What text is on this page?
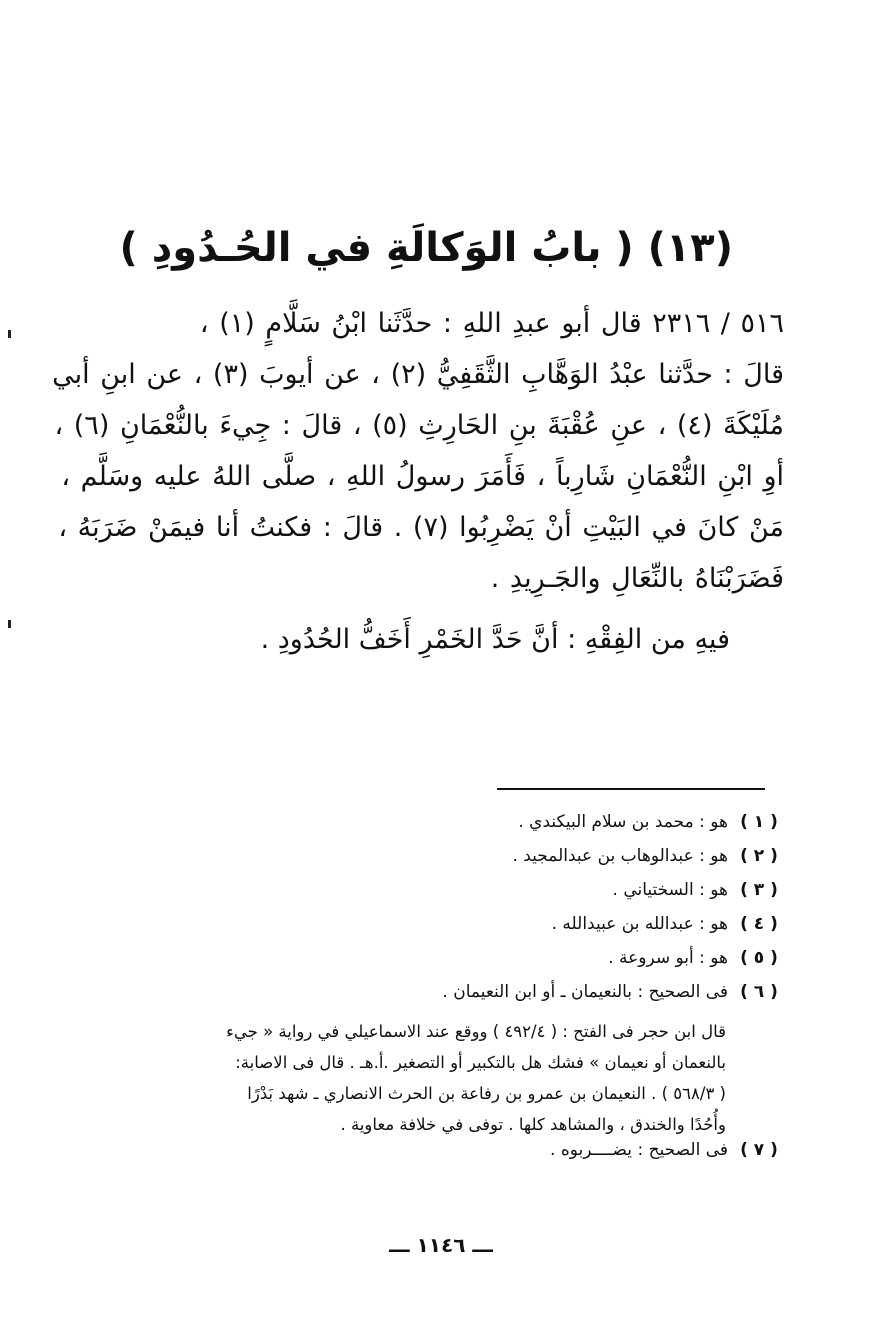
(١٣) ( بابُ الوَكالَةِ في الحُـدُودِ )
٥١٦ / ٢٣١٦ قال أبو عبدِ اللهِ : حدَّثَنا ابْنُ سَلَّامٍ (١) ،
قالَ : حدَّثنا عبْدُ الوَهَّابِ الثَّقَفِيُّ (٢) ، عن أيوبَ (٣) ، عن ابنِ أبي
مُلَيْكَةَ (٤) ، عنِ عُقْبَةَ بنِ الحَارِثِ (٥) ، قالَ : جِيءَ بالنُّعْمَانِ (٦) ،
أوِ ابْنِ النُّعْمَانِ شَارِباً ، فَأَمَرَ رسولُ اللهِ ، صلَّى اللهُ عليه وسَلَّم ،
مَنْ كانَ في البَيْتِ أنْ يَضْرِبُوا (٧) . قالَ : فكنتُ أنا فيمَنْ ضَرَبَهُ ،
فَضَرَبْنَاهُ بالنِّعَالِ والجَـرِيدِ .
فيهِ من الفِقْهِ : أنَّ حَدَّ الخَمْرِ أَخَفُّ الحُدُودِ .
( ١ )
هو : محمد بن سلام البيكندي .
( ٢ )
هو : عبدالوهاب بن عبدالمجيد .
( ٣ )
هو : السختياني .
( ٤ )
هو : عبدالله بن عبيدالله .
( ٥ )
هو : أبو سروعة .
( ٦ )
فى الصحيح : بالنعيمان ـ أو ابن النعيمان .
قال ابن حجر فى الفتح : ( ٤٩٢/٤ ) ووقع عند الاسماعيلي في رواية « جيء
بالنعمان أو نعيمان » فشك هل بالتكبير أو التصغير .أ.هـ . قال فى الاصابة:
( ٥٦٨/٣ ) . النعيمان بن عمرو بن رفاعة بن الحرث الانصاري ـ شهد بَدْرًا
وأُحُدًا والخندق ، والمشاهد كلها . توفى في خلافة معاوية .
( ٧ )
فى الصحيح : يضــــربوه .
ـــ ١١٤٦ ـــ
